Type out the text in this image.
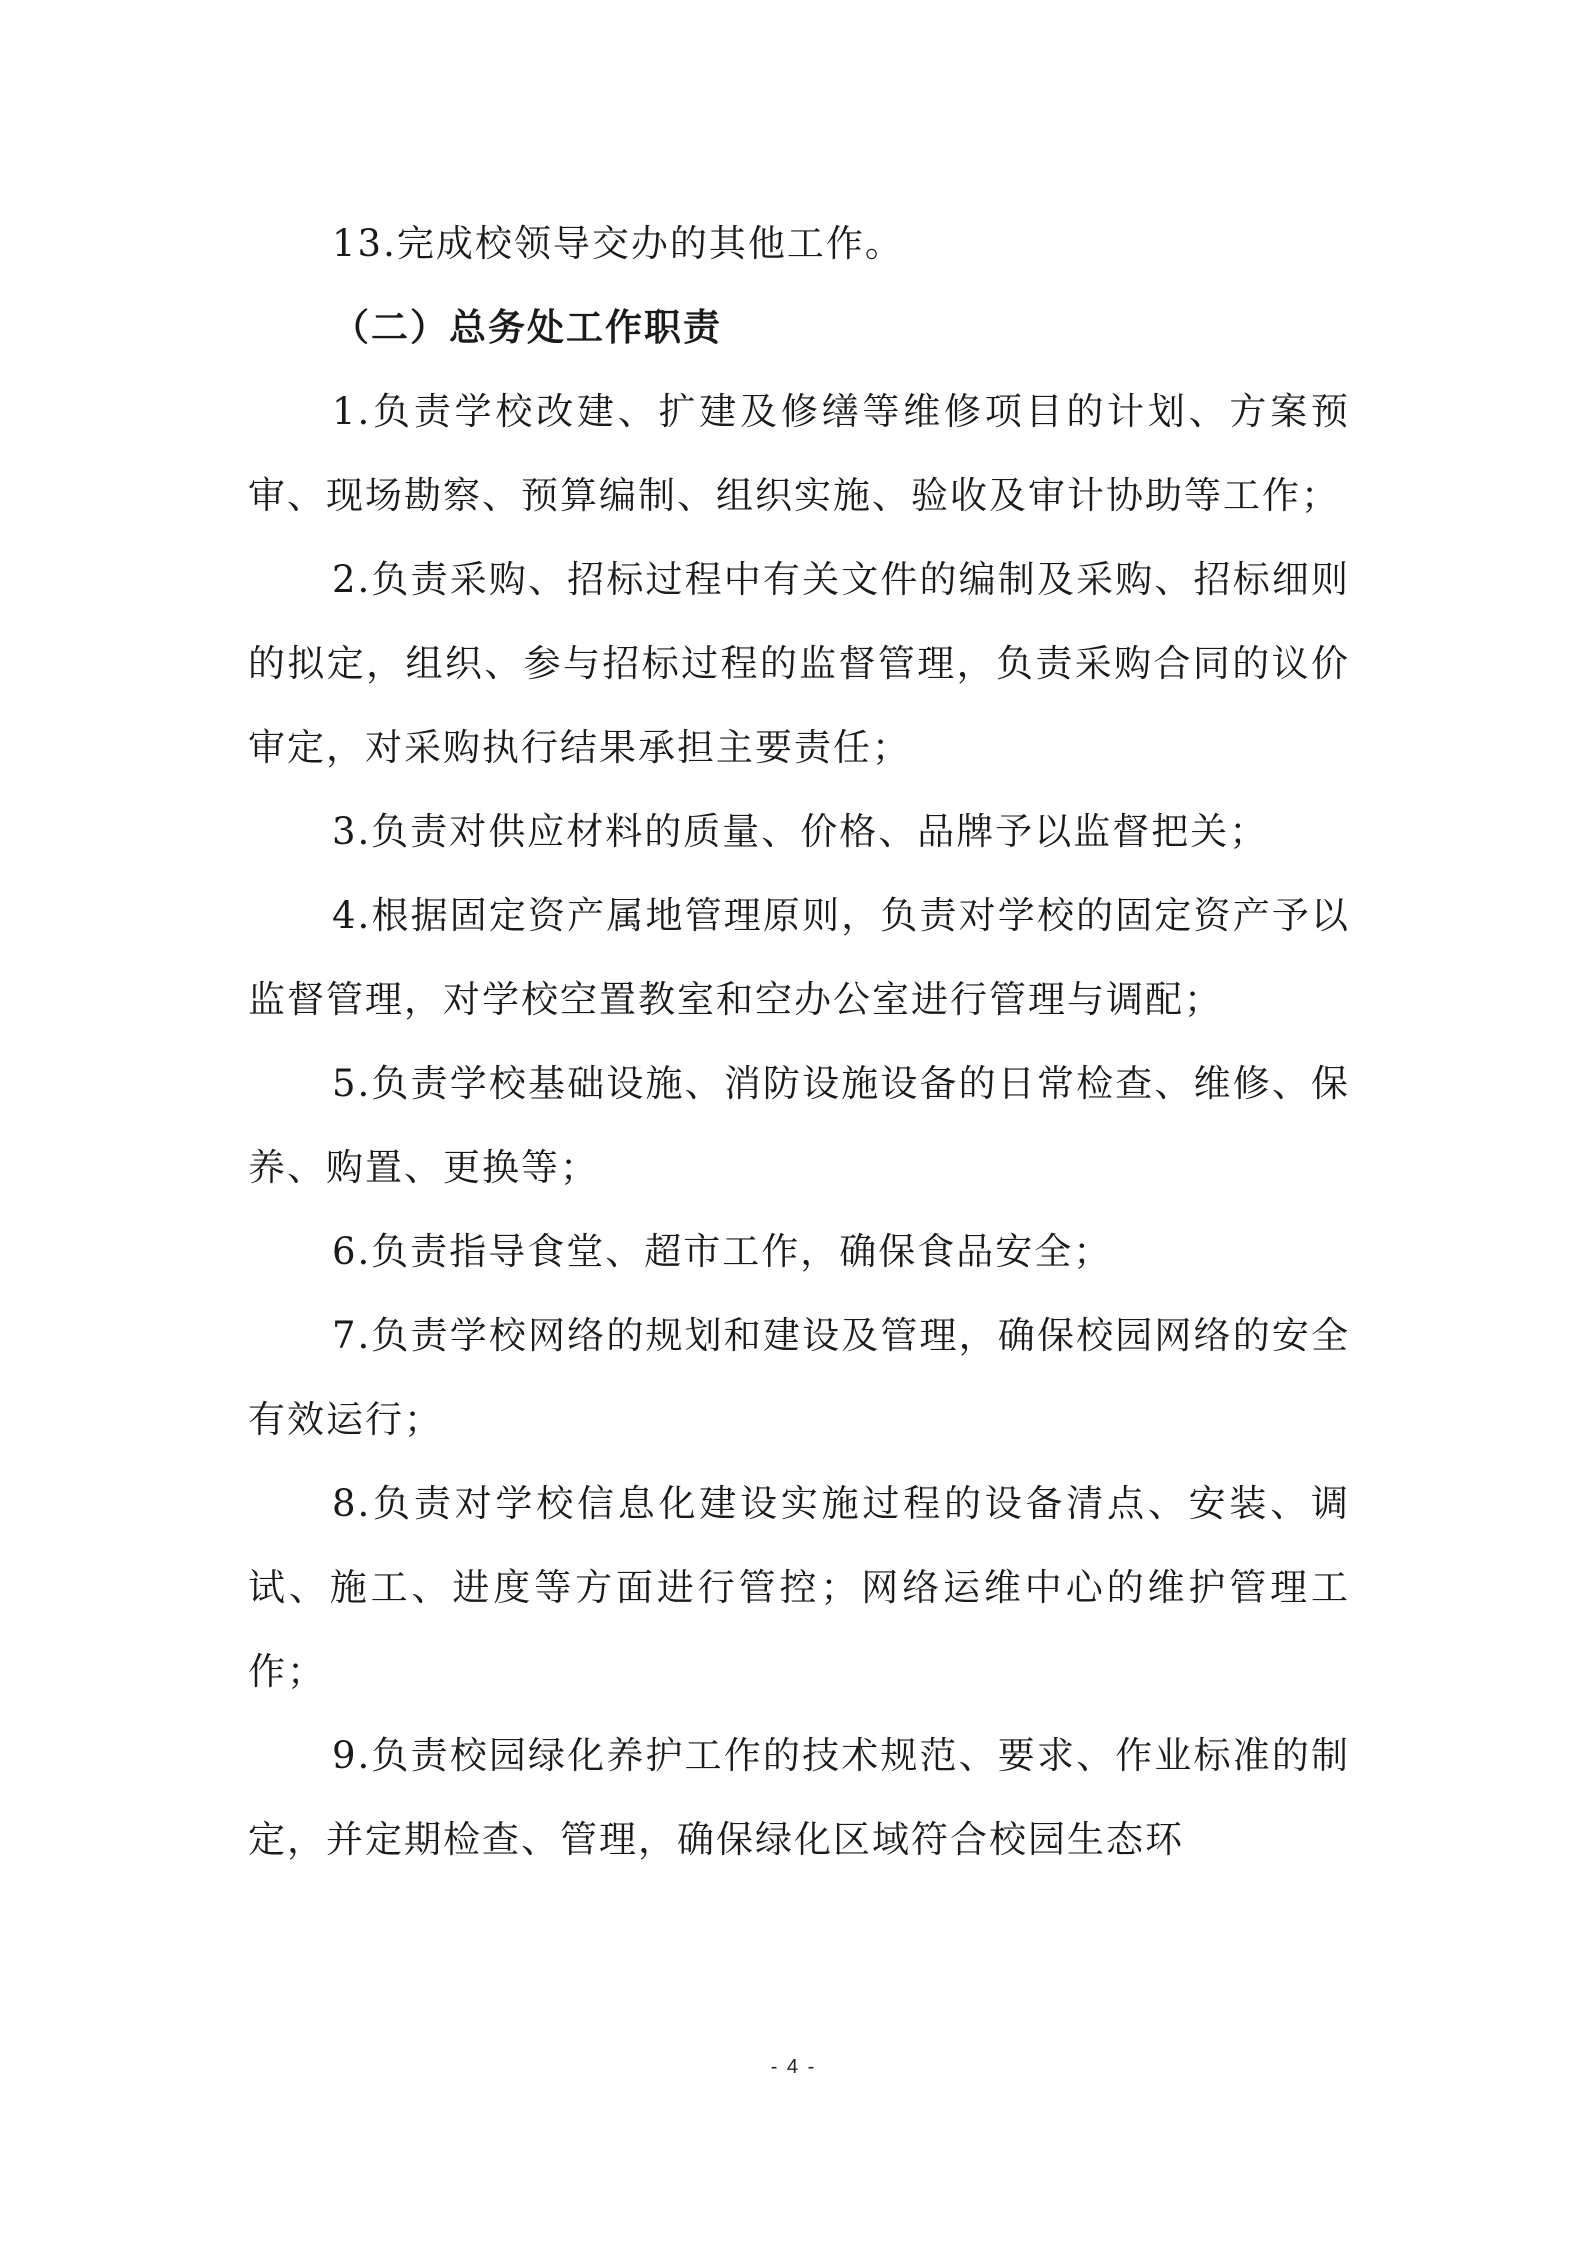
13.完成校领导交办的其他工作。

（二）总务处工作职责

1.负责学校改建、扩建及修缮等维修项目的计划、方案预审、现场勘察、预算编制、组织实施、验收及审计协助等工作；

2.负责采购、招标过程中有关文件的编制及采购、招标细则的拟定，组织、参与招标过程的监督管理，负责采购合同的议价审定，对采购执行结果承担主要责任；

3.负责对供应材料的质量、价格、品牌予以监督把关；

4.根据固定资产属地管理原则，负责对学校的固定资产予以监督管理，对学校空置教室和空办公室进行管理与调配；

5.负责学校基础设施、消防设施设备的日常检查、维修、保养、购置、更换等；

6.负责指导食堂、超市工作，确保食品安全；

7.负责学校网络的规划和建设及管理，确保校园网络的安全有效运行；

8.负责对学校信息化建设实施过程的设备清点、安装、调试、施工、进度等方面进行管控；网络运维中心的维护管理工作；

9.负责校园绿化养护工作的技术规范、要求、作业标准的制定，并定期检查、管理，确保绿化区域符合校园生态环

- 4 -
